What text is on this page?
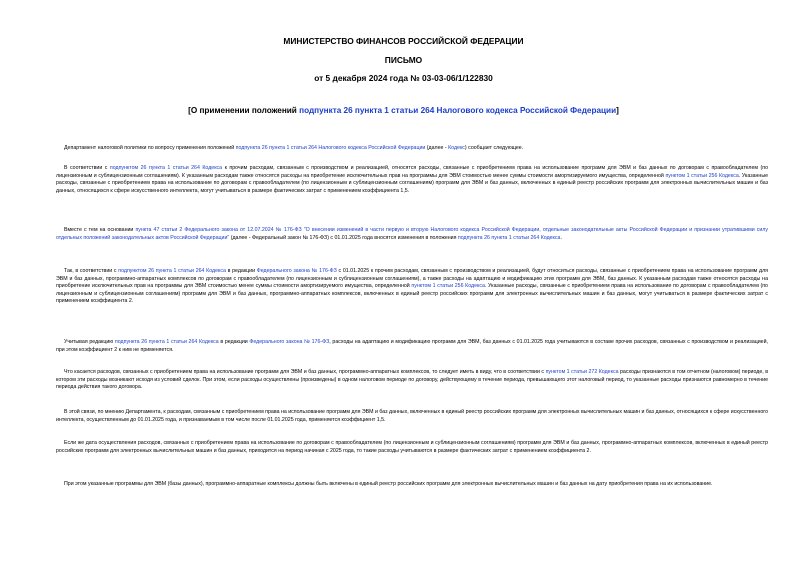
МИНИСТЕРСТВО ФИНАНСОВ РОССИЙСКОЙ ФЕДЕРАЦИИ
ПИСЬМО
от 5 декабря 2024 года № 03-03-06/1/122830
[О применении положений подпункта 26 пункта 1 статьи 264 Налогового кодекса Российской Федерации]
Департамент налоговой политики по вопросу применения положений подпункта 26 пункта 1 статьи 264 Налогового кодекса Российской Федерации (далее - Кодекс) сообщает следующее.
В соответствии с подпунктом 26 пункта 1 статьи 264 Кодекса к прочим расходам, связанным с производством и реализацией, относятся расходы, связанные с приобретением права на использование программ для ЭВМ и баз данных по договорам с правообладателем (по лицензионным и сублицензионным соглашениям). К указанным расходам также относятся расходы на приобретение исключительных прав на программы для ЭВМ стоимостью менее суммы стоимости амортизируемого имущества, определенной пунктом 1 статьи 256 Кодекса. Указанные расходы, связанные с приобретением права на использование по договорам с правообладателем (по лицензионным и сублицензионным соглашениям) программ для ЭВМ и баз данных, включенных в единый реестр российских программ для электронных вычислительных машин и баз данных, относящихся к сфере искусственного интеллекта, могут учитываться в размере фактических затрат с применением коэффициента 1,5.
Вместе с тем на основании пункта 47 статьи 2 Федерального закона от 12.07.2024 № 176-ФЗ "О внесении изменений в части первую и вторую Налогового кодекса Российской Федерации, отдельные законодательные акты Российской Федерации и признании утратившими силу отдельных положений законодательных актов Российской Федерации" (далее - Федеральный закон № 176-ФЗ) с 01.01.2025 года вносятся изменения в положения подпункта 26 пункта 1 статьи 264 Кодекса.
Так, в соответствии с подпунктом 26 пункта 1 статьи 264 Кодекса в редакции Федерального закона № 176-ФЗ с 01.01.2025 к прочим расходам, связанным с производством и реализацией, будут относиться расходы, связанные с приобретением права на использование программ для ЭВМ и баз данных, программно-аппаратных комплексов по договорам с правообладателем (по лицензионным и сублицензионным соглашениям), а также расходы на адаптацию и модификацию этих программ для ЭВМ, баз данных. К указанным расходам также относятся расходы на приобретение исключительных прав на программы для ЭВМ стоимостью менее суммы стоимости амортизируемого имущества, определенной пунктом 1 статьи 256 Кодекса. Указанные расходы, связанные с приобретением права на использование по договорам с правообладателем (по лицензионным и сублицензионным соглашениям) программ для ЭВМ и баз данных, программно-аппаратных комплексов, включенных в единый реестр российских программ для электронных вычислительных машин и баз данных, могут учитываться в размере фактических затрат с применением коэффициента 2.
Учитывая редакцию подпункта 26 пункта 1 статьи 264 Кодекса в редакции Федерального закона № 176-ФЗ, расходы на адаптацию и модификацию программ для ЭВМ, баз данных с 01.01.2025 года учитываются в составе прочих расходов, связанных с производством и реализацией, при этом коэффициент 2 к ним не применяется.
Что касается расходов, связанных с приобретением права на использование программ для ЭВМ и баз данных, программно-аппаратных комплексов, то следует иметь в виду, что в соответствии с пунктом 1 статьи 272 Кодекса расходы признаются в том отчетном (налоговом) периоде, в котором эти расходы возникают исходя из условий сделок. При этом, если расходы осуществлены (произведены) в одном налоговом периоде по договору, действующему в течение периода, превышающего этот налоговый период, то указанные расходы признаются равномерно в течение периода действия такого договора.
В этой связи, по мнению Департамента, к расходам, связанным с приобретением права на использование программ для ЭВМ и баз данных, включенных в единый реестр российских программ для электронных вычислительных машин и баз данных, относящихся к сфере искусственного интеллекта, осуществленным до 01.01.2025 года, и признаваемым в том числе после 01.01.2025 года, применяется коэффициент 1,5.
Если же дата осуществления расходов, связанных с приобретением права на использование по договорам с правообладателем (по лицензионным и сублицензионным соглашениям) программ для ЭВМ и баз данных, программно-аппаратных комплексов, включенных в единый реестр российских программ для электронных вычислительных машин и баз данных, приходится на период начиная с 2025 года, то такие расходы учитываются в размере фактических затрат с применением коэффициента 2.
При этом указанные программы для ЭВМ (базы данных), программно-аппаратные комплексы должны быть включены в единый реестр российских программ для электронных вычислительных машин и баз данных на дату приобретения права на их использование.
